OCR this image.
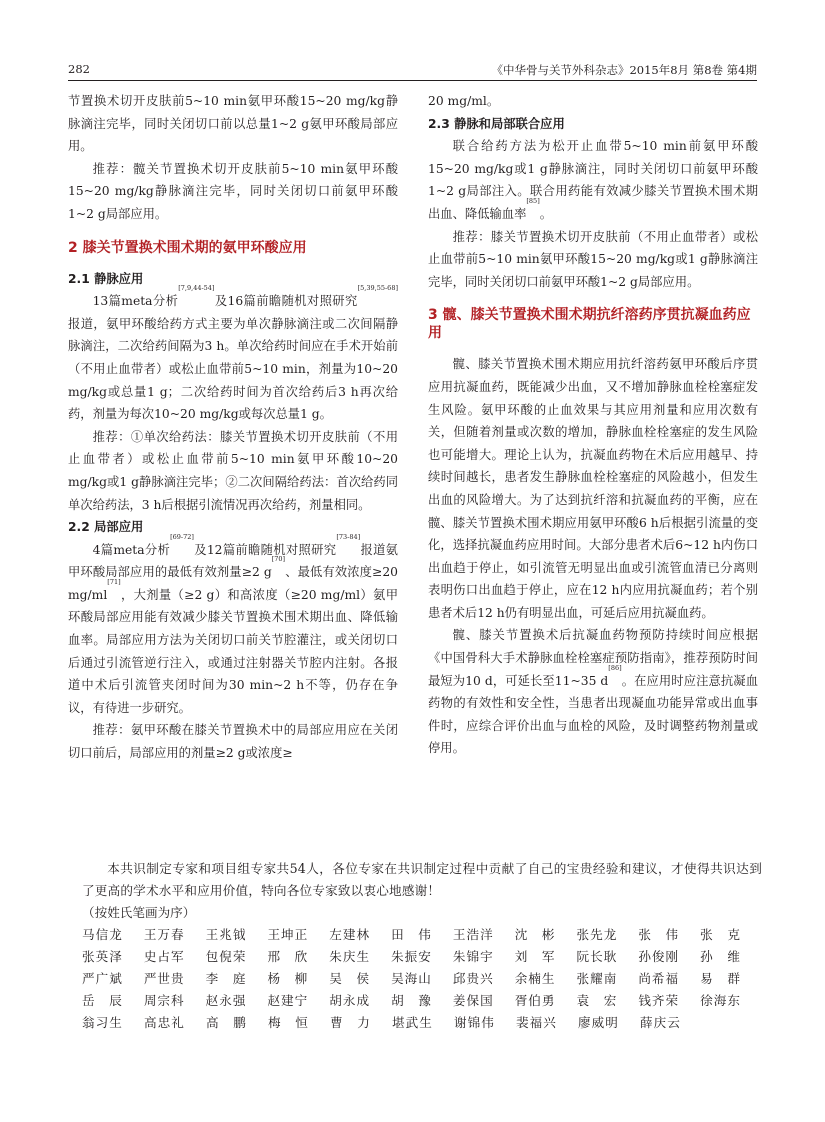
282	《中华骨与关节外科杂志》2015年8月 第8卷 第4期

节置换术切开皮肤前5~10 min氨甲环酸15~20 mg/kg静脉滴注完毕，同时关闭切口前以总量1~2 g氨甲环酸局部应用。

推荐：髋关节置换术切开皮肤前5~10 min氨甲环酸15~20 mg/kg静脉滴注完毕，同时关闭切口前氨甲环酸1~2 g局部应用。

2 膝关节置换术围术期的氨甲环酸应用
2.1 静脉应用

13篇meta分析[7,9,44-54]及16篇前瞻随机对照研究[5,39,55-68]报道，氨甲环酸给药方式主要为单次静脉滴注或二次间隔静脉滴注，二次给药间隔为3 h。单次给药时间应在手术开始前（不用止血带者）或松止血带前5~10 min，剂量为10~20 mg/kg或总量1 g；二次给药时间为首次给药后3 h再次给药，剂量为每次10~20 mg/kg或每次总量1 g。

推荐：①单次给药法：膝关节置换术切开皮肤前（不用止血带者）或松止血带前5~10 min氨甲环酸10~20 mg/kg或1 g静脉滴注完毕；②二次间隔给药法：首次给药同单次给药法，3 h后根据引流情况再次给药，剂量相同。

2.2 局部应用

4篇meta分析[69-72]及12篇前瞻随机对照研究[73-84]报道氨甲环酸局部应用的最低有效剂量≥2 g[70]、最低有效浓度≥20 mg/ml[71]，大剂量（≥2 g）和高浓度（≥20 mg/ml）氨甲环酸局部应用能有效减少膝关节置换术围术期出血、降低输血率。局部应用方法为关闭切口前关节腔灌注，或关闭切口后通过引流管逆行注入，或通过注射器关节腔内注射。各报道中术后引流管夹闭时间为30 min~2 h不等，仍存在争议，有待进一步研究。

推荐：氨甲环酸在膝关节置换术中的局部应用应在关闭切口前后，局部应用的剂量≥2 g或浓度≥

20 mg/ml。

2.3 静脉和局部联合应用

联合给药方法为松开止血带5~10 min前氨甲环酸15~20 mg/kg或1 g静脉滴注，同时关闭切口前氨甲环酸1~2 g局部注入。联合用药能有效减少膝关节置换术围术期出血、降低输血率[85]。

推荐：膝关节置换术切开皮肤前（不用止血带者）或松止血带前5~10 min氨甲环酸15~20 mg/kg或1 g静脉滴注完毕，同时关闭切口前氨甲环酸1~2 g局部应用。

3 髋、膝关节置换术围术期抗纤溶药序贯抗凝血药应用

髋、膝关节置换术围术期应用抗纤溶药氨甲环酸后序贯应用抗凝血药，既能减少出血，又不增加静脉血栓栓塞症发生风险。氨甲环酸的止血效果与其应用剂量和应用次数有关，但随着剂量或次数的增加，静脉血栓栓塞症的发生风险也可能增大。理论上认为，抗凝血药物在术后应用越早、持续时间越长，患者发生静脉血栓栓塞症的风险越小，但发生出血的风险增大。为了达到抗纤溶和抗凝血药的平衡，应在髋、膝关节置换术围术期应用氨甲环酸6 h后根据引流量的变化，选择抗凝血药应用时间。大部分患者术后6~12 h内伤口出血趋于停止，如引流管无明显出血或引流管血清已分离则表明伤口出血趋于停止，应在12 h内应用抗凝血药；若个别患者术后12 h仍有明显出血，可延后应用抗凝血药。

髋、膝关节置换术后抗凝血药物预防持续时间应根据《中国骨科大手术静脉血栓栓塞症预防指南》，推荐预防时间最短为10 d，可延长至11~35 d[86]。在应用时应注意抗凝血药物的有效性和安全性，当患者出现凝血功能异常或出血事件时，应综合评价出血与血栓的风险，及时调整药物剂量或停用。

本共识制定专家和项目组专家共54人，各位专家在共识制定过程中贡献了自己的宝贵经验和建议，才使得共识达到了更高的学术水平和应用价值，特向各位专家致以衷心地感谢！

（按姓氏笔画为序）
马信龙	王万春	王兆钺	王坤正	左建林	田　伟	王浩洋	沈　彬	张先龙	张　伟	张　克
张英泽	史占军	包倪荣	邢　欣	朱庆生	朱振安	朱锦宇	刘　军	阮长耿	孙俊刚	孙　维
严广斌	严世贵	李　庭	杨　柳	吴　侯	吴海山	邱贵兴	余楠生	张耀南	尚希福	易　群
岳　辰	周宗科	赵永强	赵建宁	胡永成	胡　豫	姜保国	胥伯勇	袁　宏	钱齐荣	徐海东
翁习生	高忠礼	高　鹏	梅　恒	曹　力	堪武生	谢锦伟	裴福兴	廖威明	薛庆云
